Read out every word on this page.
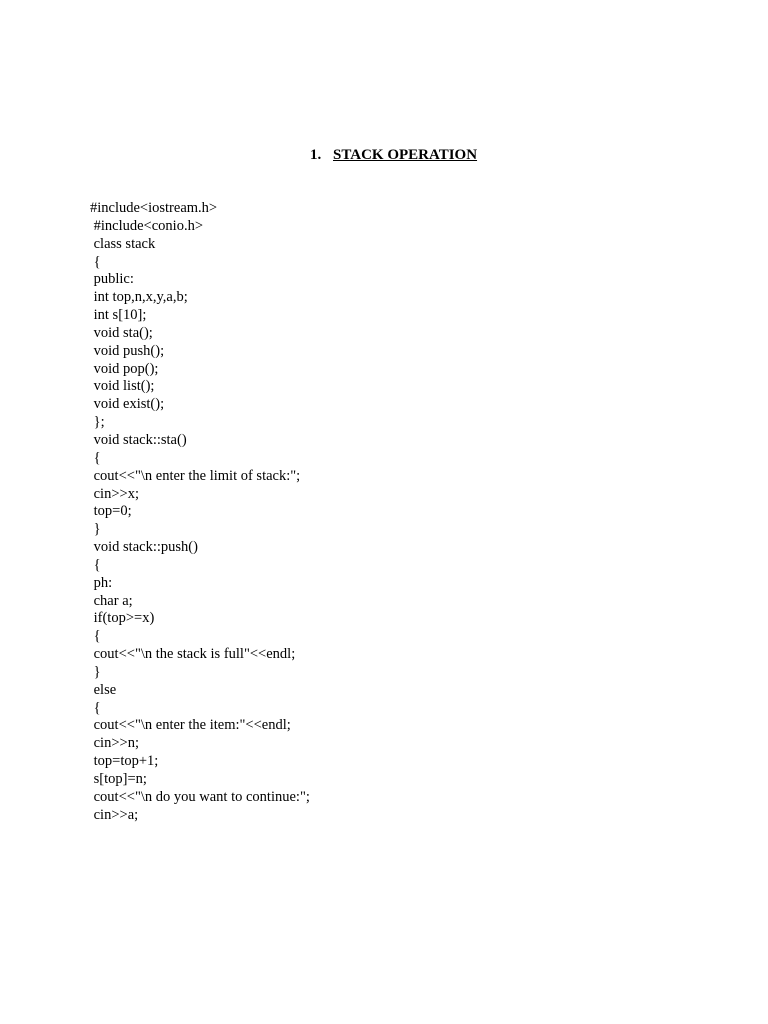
1. STACK OPERATION
#include<iostream.h>
#include<conio.h>
class stack
{
public:
int top,n,x,y,a,b;
int s[10];
void sta();
void push();
void pop();
void list();
void exist();
};
void stack::sta()
{
cout<<"\n enter the limit of stack:";
cin>>x;
top=0;
}
void stack::push()
{
ph:
char a;
if(top>=x)
{
cout<<"\n the stack is full"<<endl;
}
else
{
cout<<"\n enter the item:"<<endl;
cin>>n;
top=top+1;
s[top]=n;
cout<<"\n do you want to continue:";
cin>>a;
